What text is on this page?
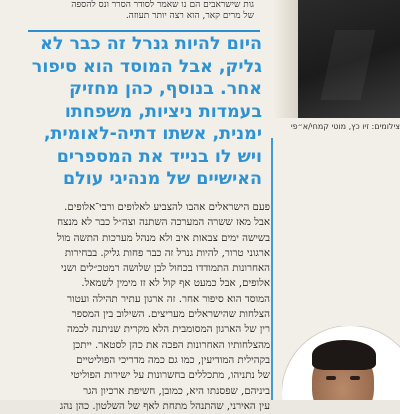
גות שישראבים הם נו שאמר לסודר הסרר ונס להספה
של מרים קאר, הוא רצה יותר תעוזה.
צילומים: זיו כץ, מוטי קמחי/א״פי
היום להיות גנרל זה כבר לא
גליק, אבל המוסד הוא סיפור
אחר. בנוסף, כהן מחזיק
בעמדות ניציות, משפחתו
ימנית, אשתו דתיה-לאומית,
ויש לו בנייד את המספרים
האישיים של מנהיגי עולם
פעם הישראלים אהבו להצביע לאלופים ורבי־אלופים.
אבל מאז ששרה המערכה השתנה וצה״ל כבר לא מנצח
בשישה ימים צבאות איב ולא מנהל מערכות התשה מול
ארגוני טרור, להיות גנרל זה כבר פחות גליק. בבחירות
האחרונות התמודדו בכחול לבן שלושה רמטכ״לים ושני
אלופים, אבל כמעט אף קול לא זז מימין לשמאל.
המוסד הוא סיפור אחר. זה ארגון עתיר תהילה ועטור
הצלחות שהישראלים מעריצים. השילוב בין המספר
רין של הארגון המסומבית הלא מקרית שניתנה לכמה
מהצלחותיו האחרונות הפכה את כהן לסטאר. ייתכן
בקהילית המודיעין, כמו גם כמה מדריכי הפוליטיים
של נתניהו, מתכללים בחשרונות על ישירות הפוליטי
ביניהם, שפסנתו היא, כמובן, חשיפת ארכיון הגר
עין האירני, שהתנהל מתחת לאף של השלטון. כהן נהג
